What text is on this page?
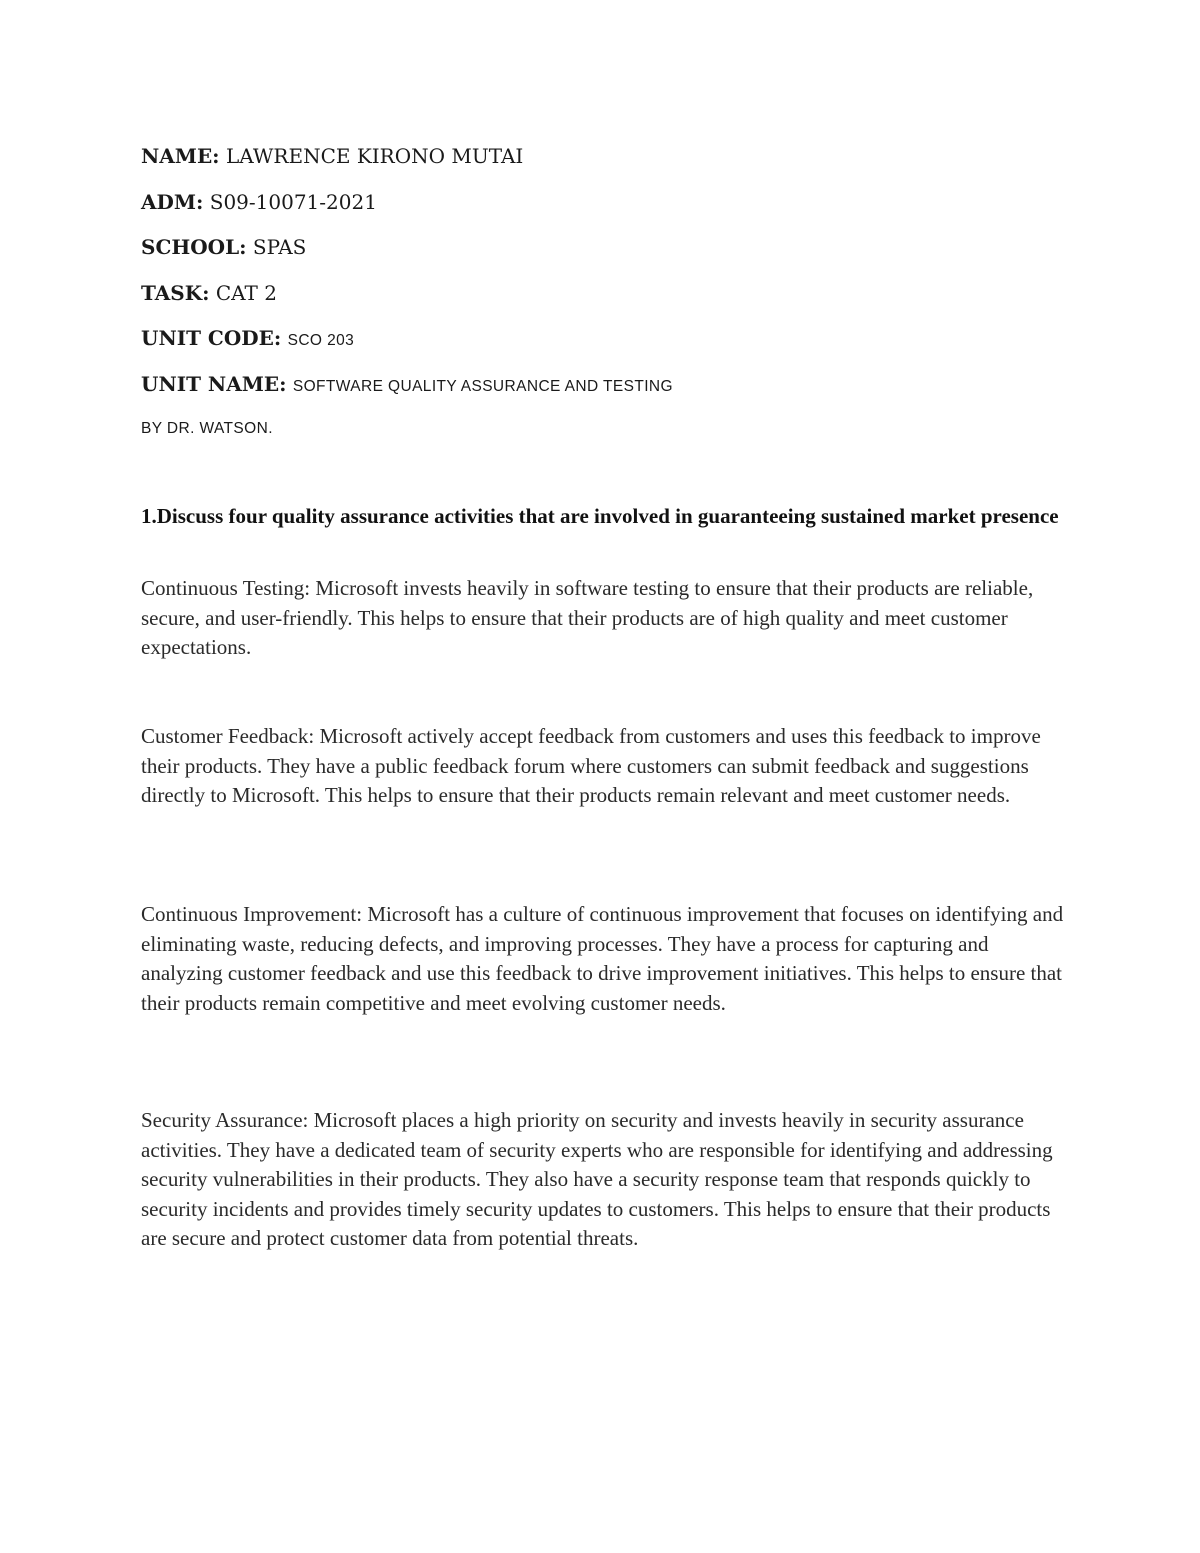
NAME: LAWRENCE KIRONO MUTAI
ADM: S09-10071-2021
SCHOOL: SPAS
TASK: CAT 2
UNIT CODE: SCO 203
UNIT NAME: SOFTWARE QUALITY ASSURANCE AND TESTING
BY DR. WATSON.
1.Discuss four quality assurance activities that are involved in guaranteeing sustained market presence
Continuous Testing: Microsoft invests heavily in software testing to ensure that their products are reliable, secure, and user-friendly. This helps to ensure that their products are of high quality and meet customer expectations.
Customer Feedback: Microsoft actively accept feedback from customers and uses this feedback to improve their products. They have a public feedback forum where customers can submit feedback and suggestions directly to Microsoft. This helps to ensure that their products remain relevant and meet customer needs.
Continuous Improvement: Microsoft has a culture of continuous improvement that focuses on identifying and eliminating waste, reducing defects, and improving processes. They have a process for capturing and analyzing customer feedback and use this feedback to drive improvement initiatives. This helps to ensure that their products remain competitive and meet evolving customer needs.
Security Assurance: Microsoft places a high priority on security and invests heavily in security assurance activities. They have a dedicated team of security experts who are responsible for identifying and addressing security vulnerabilities in their products. They also have a security response team that responds quickly to security incidents and provides timely security updates to customers. This helps to ensure that their products are secure and protect customer data from potential threats.
